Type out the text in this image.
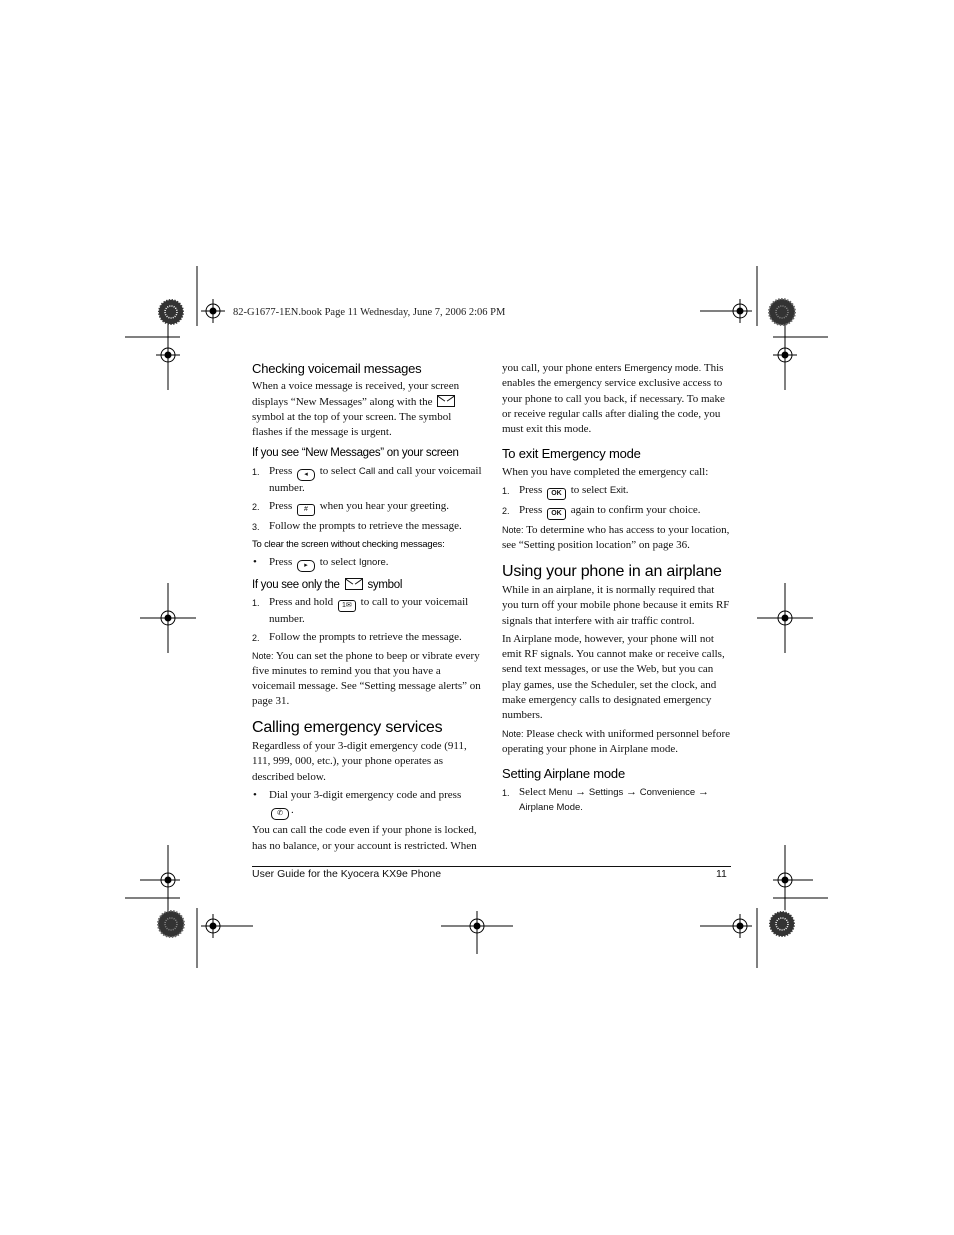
82-G1677-1EN.book Page 11 Wednesday, June 7, 2006 2:06 PM
Checking voicemail messages

When a voice message is received, your screen displays “New Messages” along with the  symbol at the top of your screen. The symbol flashes if the message is urgent.

If you see “New Messages” on your screen
1. Press ◂ to select Call and call your voicemail number.
2. Press # when you hear your greeting.
3. Follow the prompts to retrieve the message.
To clear the screen without checking messages:
• Press ▸ to select Ignore.
If you see only the symbol
1. Press and hold 1✉ to call to your voicemail number.
2. Follow the prompts to retrieve the message.

Note: You can set the phone to beep or vibrate every five minutes to remind you that you have a voicemail message. See “Setting message alerts” on page 31.

Calling emergency services

Regardless of your 3-digit emergency code (911, 111, 999, 000, etc.), your phone operates as described below.

• Dial your 3-digit emergency code and press ✆ .

You can call the code even if your phone is locked, has no balance, or your account is restricted. When

you call, your phone enters Emergency mode. This enables the emergency service exclusive access to your phone to call you back, if necessary. To make or receive regular calls after dialing the code, you must exit this mode.

To exit Emergency mode

When you have completed the emergency call:

1. Press OK to select Exit.
2. Press OK again to confirm your choice.

Note: To determine who has access to your location, see “Setting position location” on page 36.

Using your phone in an airplane

While in an airplane, it is normally required that you turn off your mobile phone because it emits RF signals that interfere with air traffic control.

In Airplane mode, however, your phone will not emit RF signals. You cannot make or receive calls, send text messages, or use the Web, but you can play games, use the Scheduler, set the clock, and make emergency calls to designated emergency numbers.

Note: Please check with uniformed personnel before operating your phone in Airplane mode.

Setting Airplane mode
1. Select Menu → Settings → Convenience → Airplane Mode.
User Guide for the Kyocera KX9e Phone	11
